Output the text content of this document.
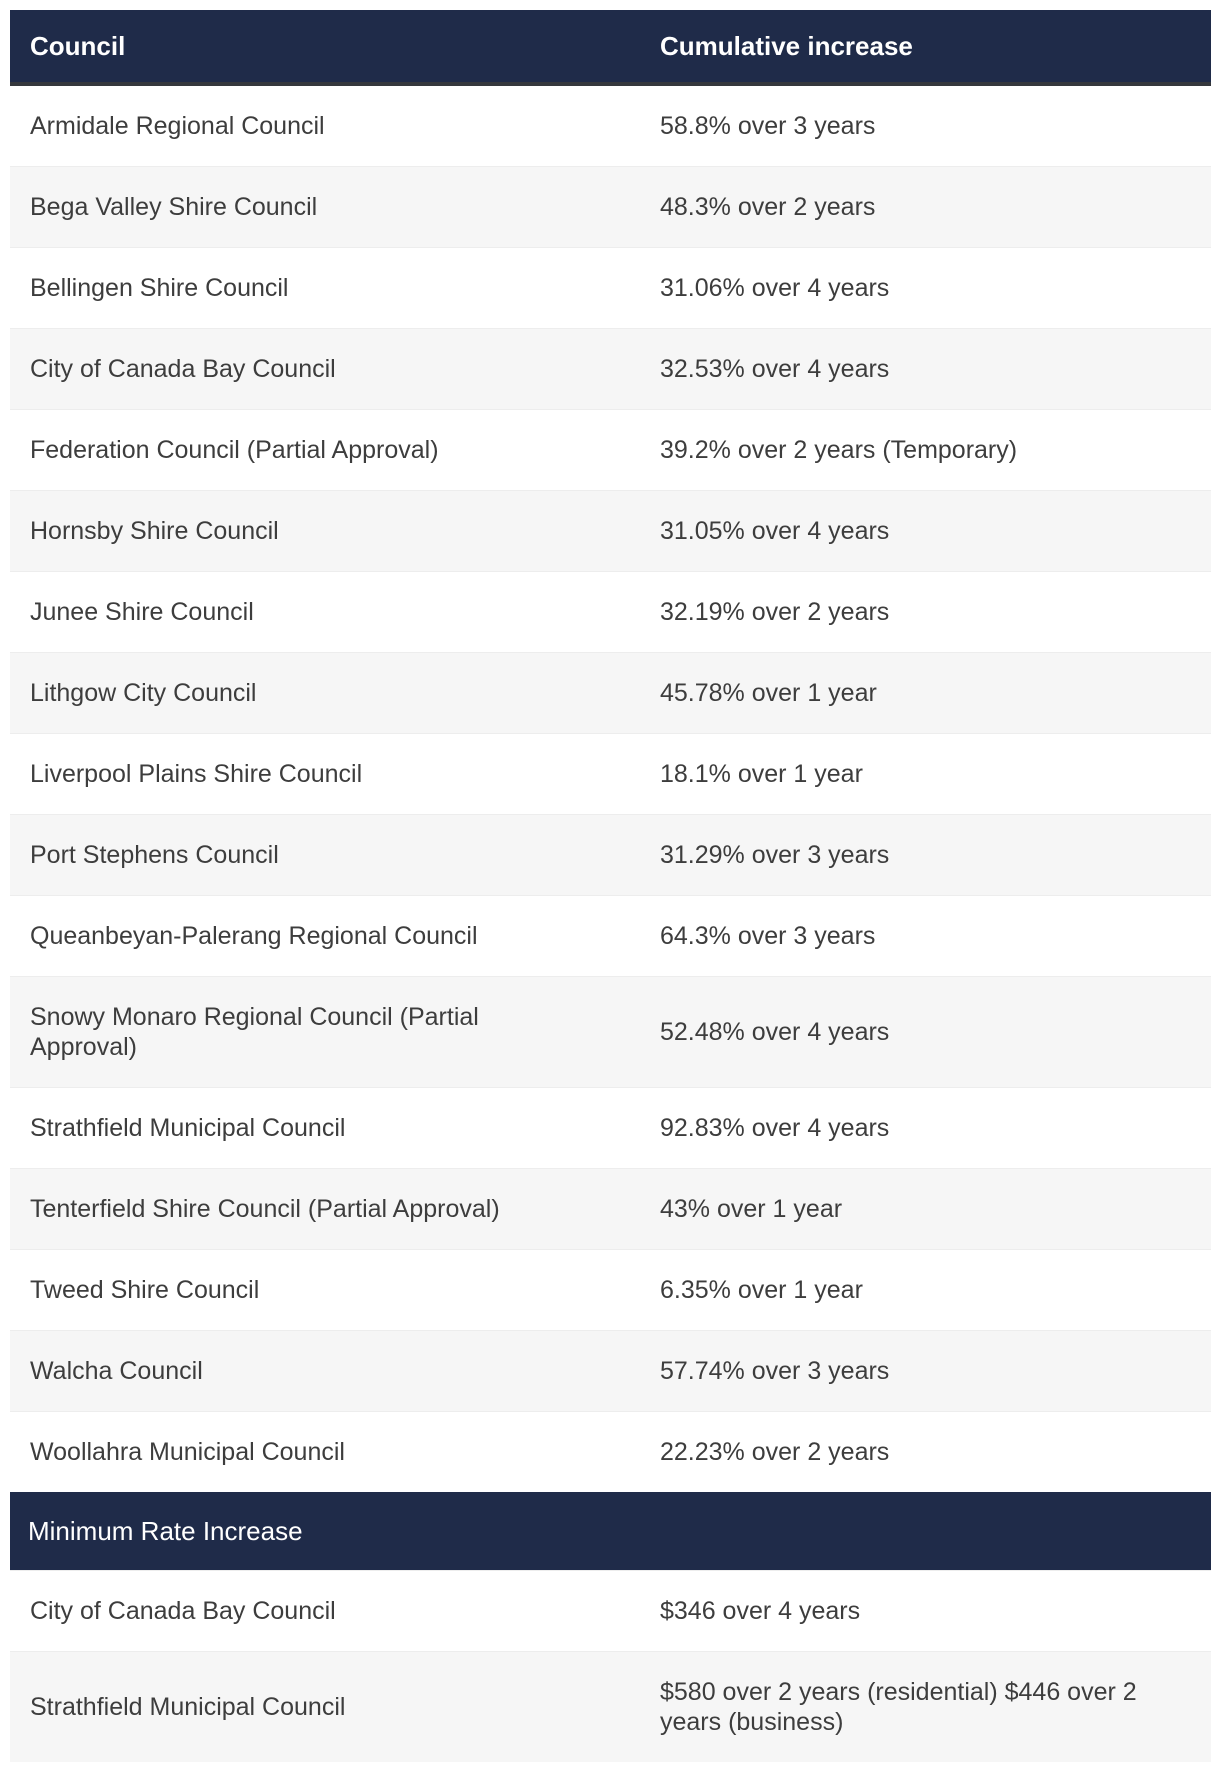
Council	Cumulative increase
Armidale Regional Council	58.8% over 3 years
Bega Valley Shire Council	48.3% over 2 years
Bellingen Shire Council	31.06% over 4 years
City of Canada Bay Council	32.53% over 4 years
Federation Council (Partial Approval)	39.2% over 2 years (Temporary)
Hornsby Shire Council	31.05% over 4 years
Junee Shire Council	32.19% over 2 years
Lithgow City Council	45.78% over 1 year
Liverpool Plains Shire Council	18.1% over 1 year
Port Stephens Council	31.29% over 3 years
Queanbeyan-Palerang Regional Council	64.3% over 3 years
Snowy Monaro Regional Council (Partial Approval)	52.48% over 4 years
Strathfield Municipal Council	92.83% over 4 years
Tenterfield Shire Council (Partial Approval)	43% over 1 year
Tweed Shire Council	6.35% over 1 year
Walcha Council	57.74% over 3 years
Woollahra Municipal Council	22.23% over 2 years
Minimum Rate Increase	
City of Canada Bay Council	$346 over 4 years
Strathfield Municipal Council	$580 over 2 years (residential) $446 over 2 years (business)
